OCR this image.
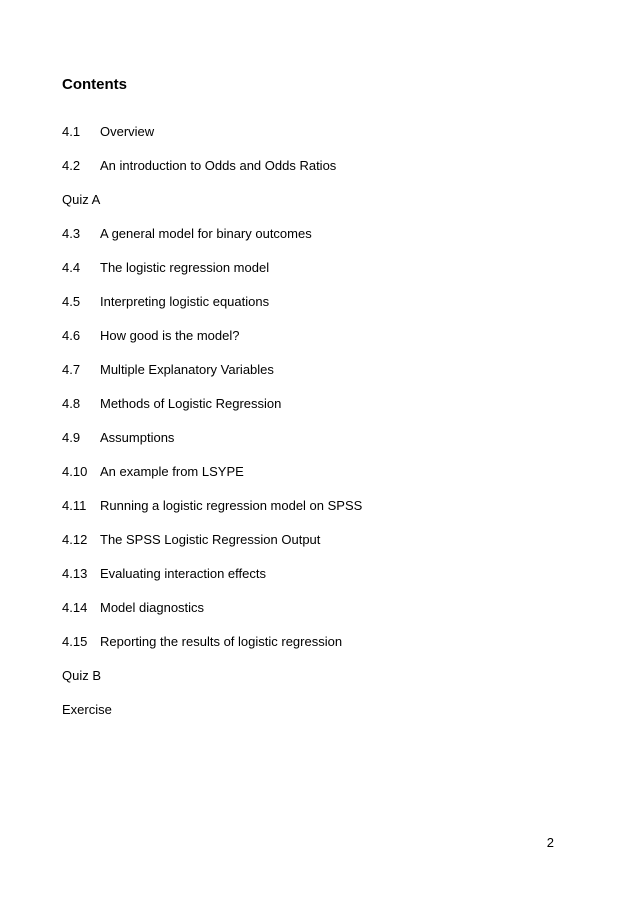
Contents
4.1	Overview
4.2	An introduction to Odds and Odds Ratios
Quiz A
4.3	A general model for binary outcomes
4.4	The logistic regression model
4.5	Interpreting logistic equations
4.6	How good is the model?
4.7	Multiple Explanatory Variables
4.8	Methods of Logistic Regression
4.9	Assumptions
4.10 An example from LSYPE
4.11	Running a logistic regression model on SPSS
4.12 The SPSS Logistic Regression Output
4.13 Evaluating interaction effects
4.14 Model diagnostics
4.15 Reporting the results of logistic regression
Quiz B
Exercise
2
